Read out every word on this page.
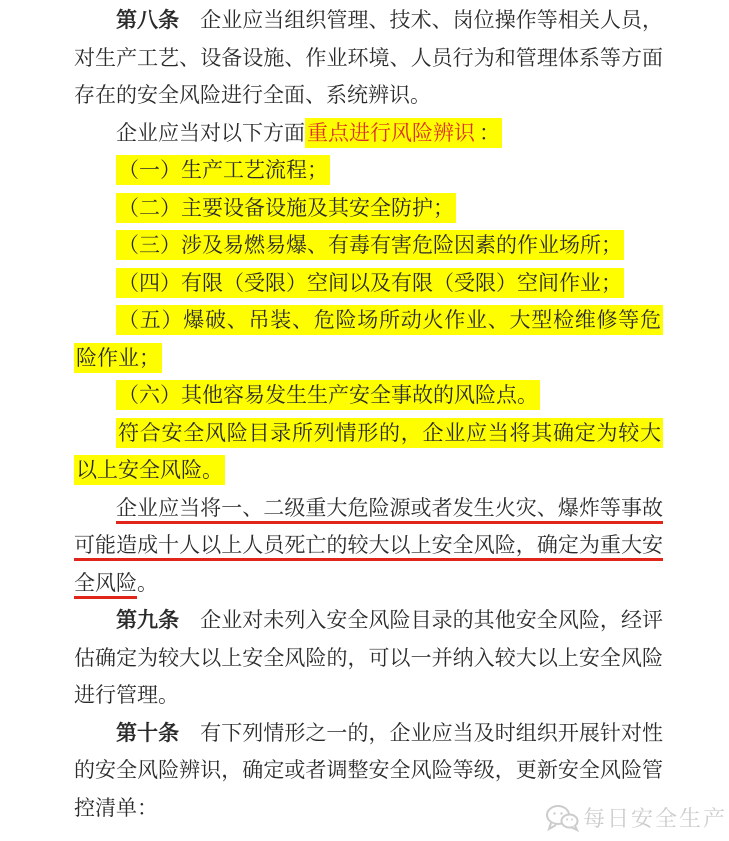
第八条　企业应当组织管理、技术、岗位操作等相关人员，对生产工艺、设备设施、作业环境、人员行为和管理体系等方面存在的安全风险进行全面、系统辨识。

企业应当对以下方面重点进行风险辨识 ：

（一）生产工艺流程；

（二）主要设备设施及其安全防护；

（三）涉及易燃易爆、有毒有害危险因素的作业场所；

（四）有限（受限）空间以及有限（受限）空间作业；

（五）爆破、吊装、危险场所动火作业、大型检维修等危险作业；

（六）其他容易发生生产安全事故的风险点。

符合安全风险目录所列情形的，企业应当将其确定为较大以上安全风险。

企业应当将一、二级重大危险源或者发生火灾、爆炸等事故可能造成十人以上人员死亡的较大以上安全风险，确定为重大安全风险。

第九条　企业对未列入安全风险目录的其他安全风险，经评估确定为较大以上安全风险的，可以一并纳入较大以上安全风险进行管理。

第十条　有下列情形之一的，企业应当及时组织开展针对性的安全风险辨识，确定或者调整安全风险等级，更新安全风险管控清单：	每日安全生产
